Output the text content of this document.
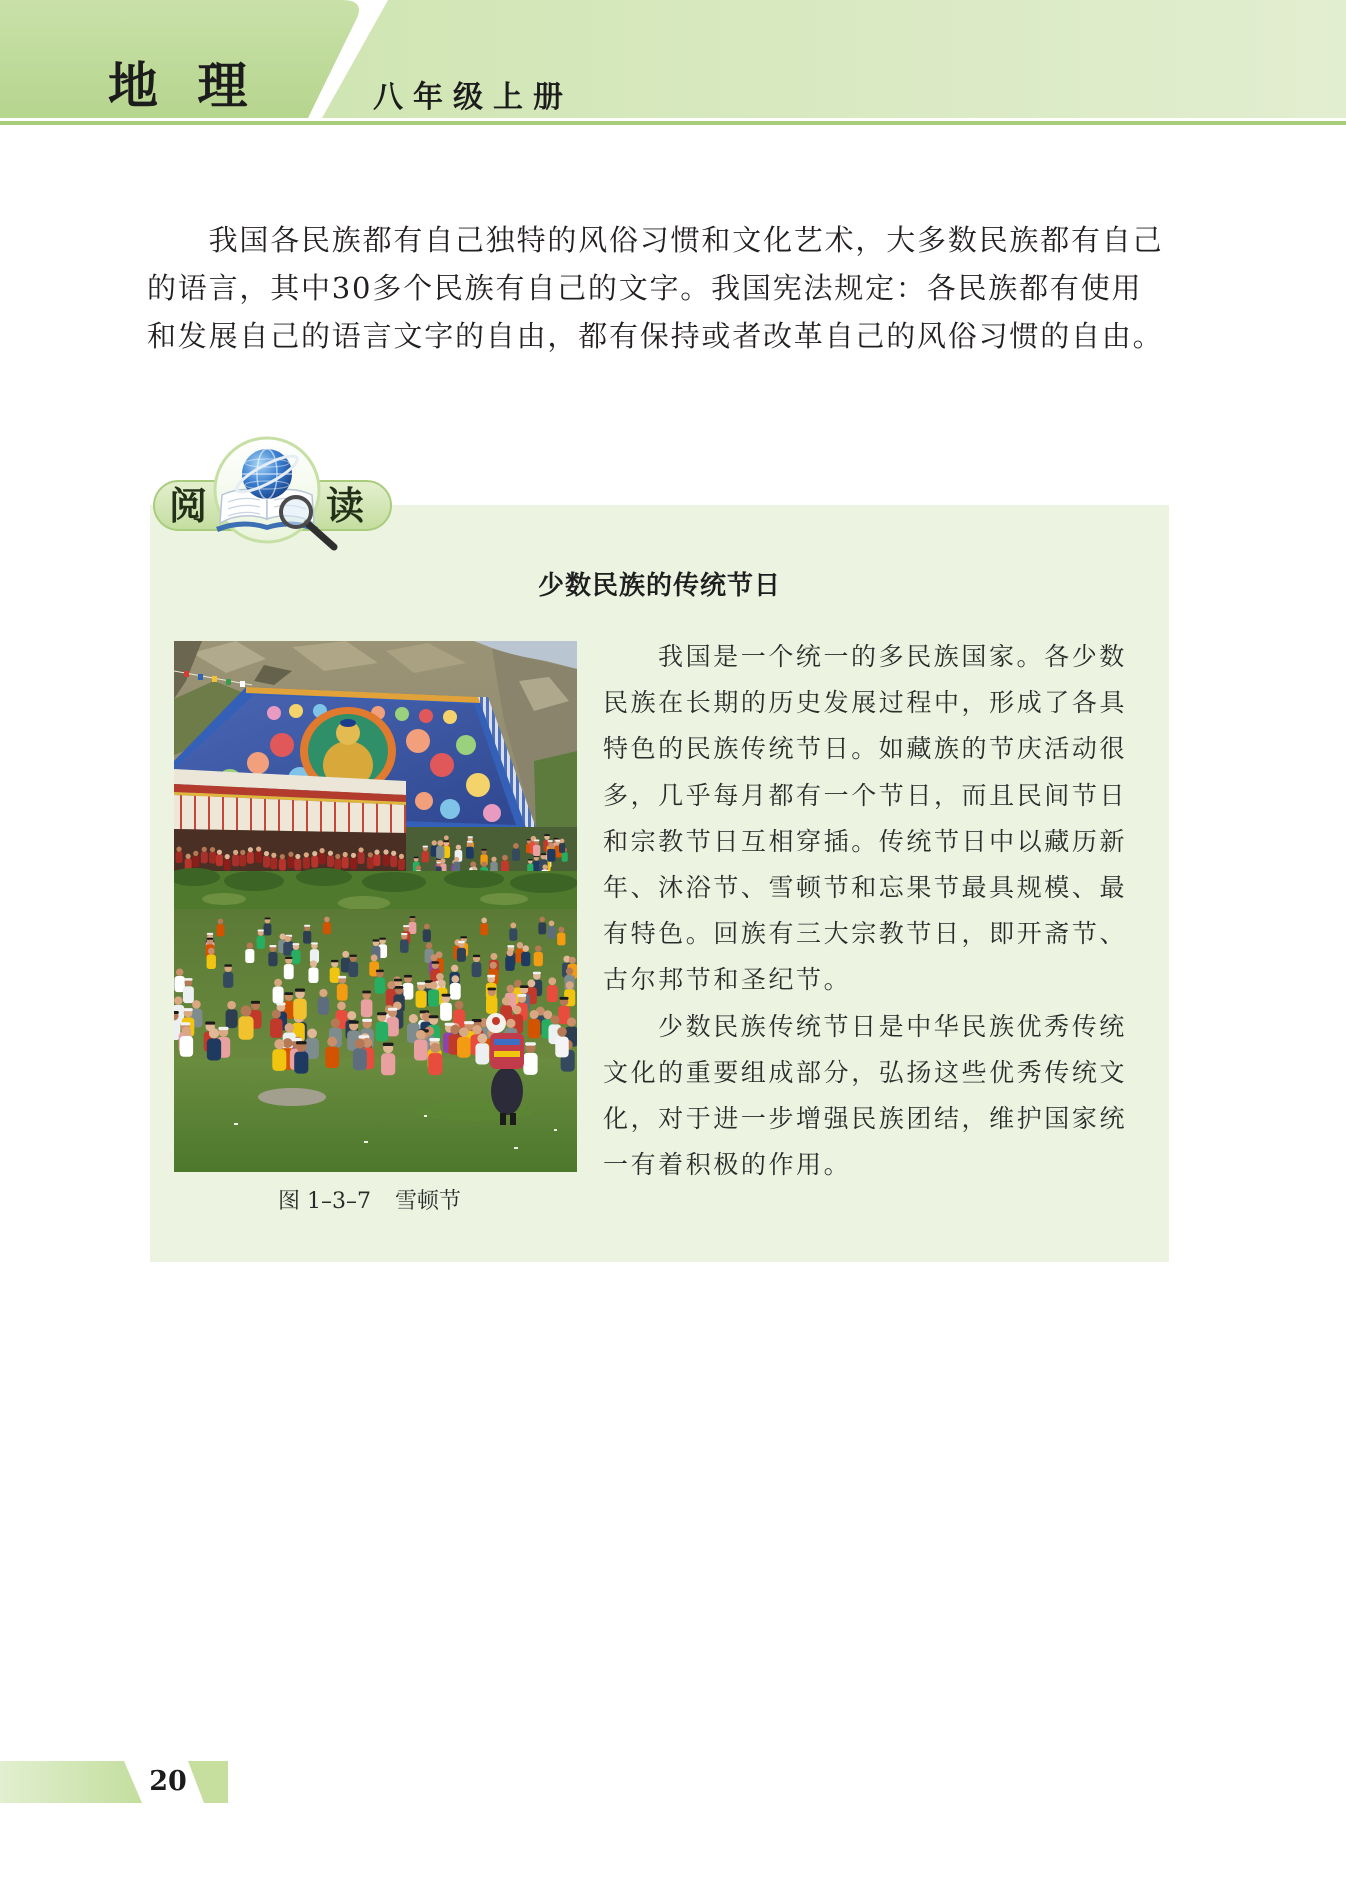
地 理	八年级上册
我国各民族都有自己独特的风俗习惯和文化艺术，大多数民族都有自己
的语言，其中30多个民族有自己的文字。我国宪法规定：各民族都有使用
和发展自己的语言文字的自由，都有保持或者改革自己的风俗习惯的自由。
阅	读
少数民族的传统节日
图 1–3–7 雪顿节
我国是一个统一的多民族国家。各少数
民族在长期的历史发展过程中，形成了各具
特色的民族传统节日。如藏族的节庆活动很
多，几乎每月都有一个节日，而且民间节日
和宗教节日互相穿插。传统节日中以藏历新
年、沐浴节、雪顿节和忘果节最具规模、最
有特色。回族有三大宗教节日，即开斋节、
古尔邦节和圣纪节。
少数民族传统节日是中华民族优秀传统
文化的重要组成部分，弘扬这些优秀传统文
化，对于进一步增强民族团结，维护国家统
一有着积极的作用。
20
